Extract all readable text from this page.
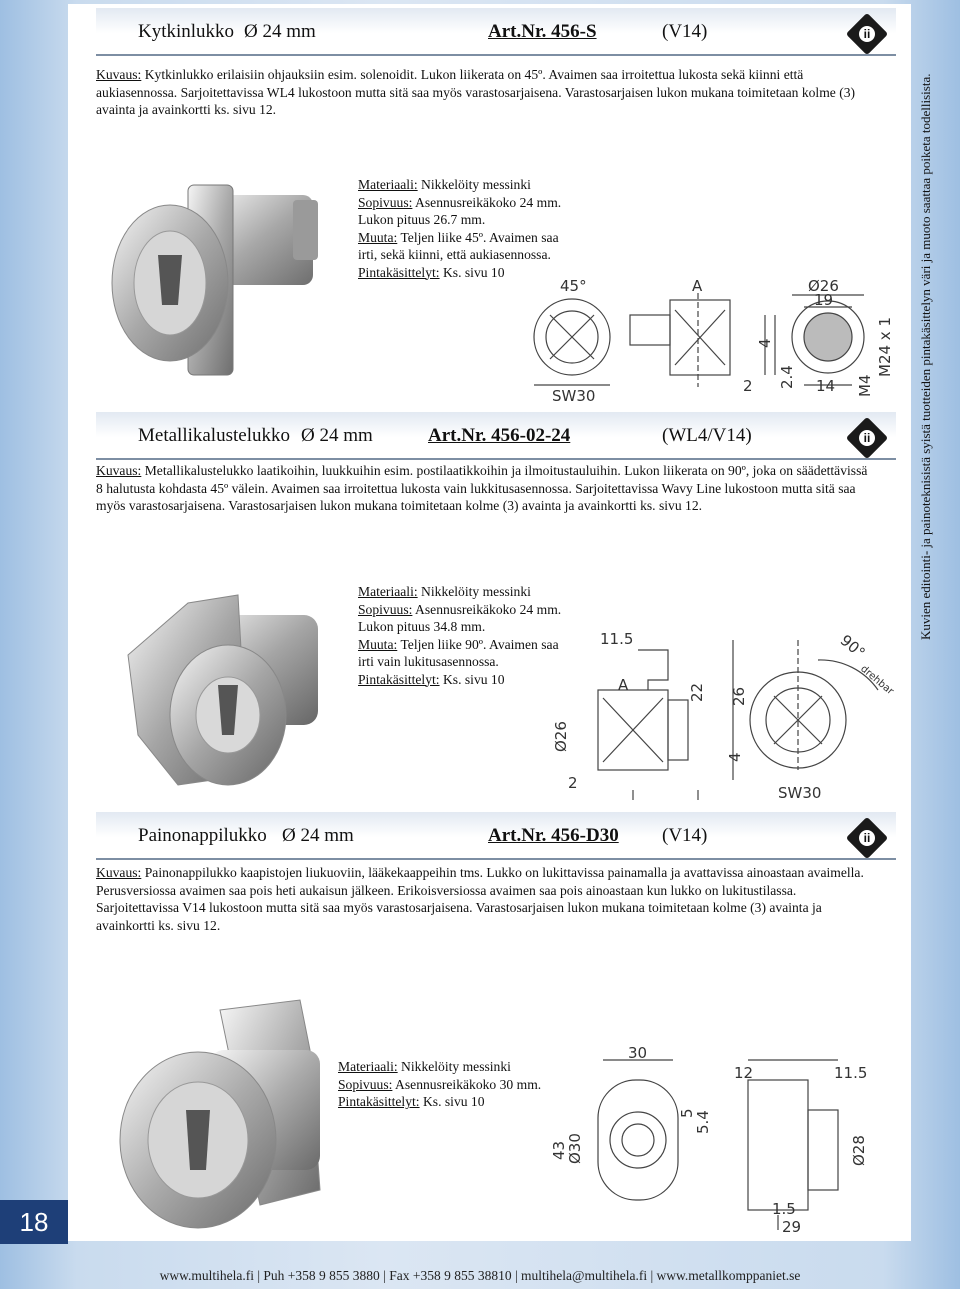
Kytkinlukko Ø 24 mm	Art.Nr. 456-S	(V14)	ii
Kuvaus: Kytkinlukko erilaisiin ohjauksiin esim. solenoidit. Lukon liikerata on 45º. Avaimen saa irroitettua lukosta sekä kiinni että aukiasennossa. Sarjoitettavissa WL4 lukostoon mutta sitä saa myös varastosarjaisena. Varastosarjaisen lukon mukana toimitetaan kolme (3) avainta ja avainkortti ks. sivu 12.
Materiaali: Nikkelöity messinki
Sopivuus: Asennusreikäkoko 24 mm.
Lukon pituus 26.7 mm.
Muuta: Teljen liike 45º. Avaimen saa
irti, sekä kiinni, että aukiasennossa.
Pintakäsittelyt: Ks. sivu 10
45°
SW30
A
2 2.4
4
Ø26
19
14 M4
M24 x 1
Metallikalustelukko Ø 24 mm	Art.Nr. 456-02-24	(WL4/V14)	ii
Kuvaus: Metallikalustelukko laatikoihin, luukkuihin esim. postilaatikkoihin ja ilmoitustauluihin. Lukon liikerata on 90º, joka on säädettävissä 8 halutusta kohdasta 45º välein. Avaimen saa irroitettua lukosta vain lukkitusasennossa. Sarjoitettavissa Wavy Line lukostoon mutta sitä saa myös varastosarjaisena. Varastosarjaisen lukon mukana toimitetaan kolme (3) avainta ja avainkortti ks. sivu 12.
Materiaali: Nikkelöity messinki
Sopivuus: Asennusreikäkoko 24 mm.
Lukon pituus 34.8 mm.
Muuta: Teljen liike 90º. Avaimen saa
irti vain lukitusasennossa.
Pintakäsittelyt: Ks. sivu 10
11.5
A	22 26
Ø26
2
4
90°
drehbar
SW30
Painonappilukko Ø 24 mm	Art.Nr. 456-D30 (V14)	ii
Kuvaus: Painonappilukko kaapistojen liukuoviin, lääkekaappeihin tms. Lukko on lukittavissa painamalla ja avattavissa ainoastaan avaimella. Perusversiossa avaimen saa pois heti aukaisun jälkeen. Erikoisversiossa avaimen saa pois ainoastaan kun lukko on lukitustilassa. Sarjoitettavissa V14 lukostoon mutta sitä saa myös varastosarjaisena. Varastosarjaisen lukon mukana toimitetaan kolme (3) avainta ja avainkortti ks. sivu 12.
Materiaali: Nikkelöity messinki
Sopivuus: Asennusreikäkoko 30 mm.
Pintakäsittelyt: Ks. sivu 10
30
12	11.5
5
5.4
43
Ø30	Ø28
1.5
29
18
www.multihela.fi | Puh +358 9 855 3880 | Fax +358 9 855 38810 | multihela@multihela.fi | www.metallkomppaniet.se
